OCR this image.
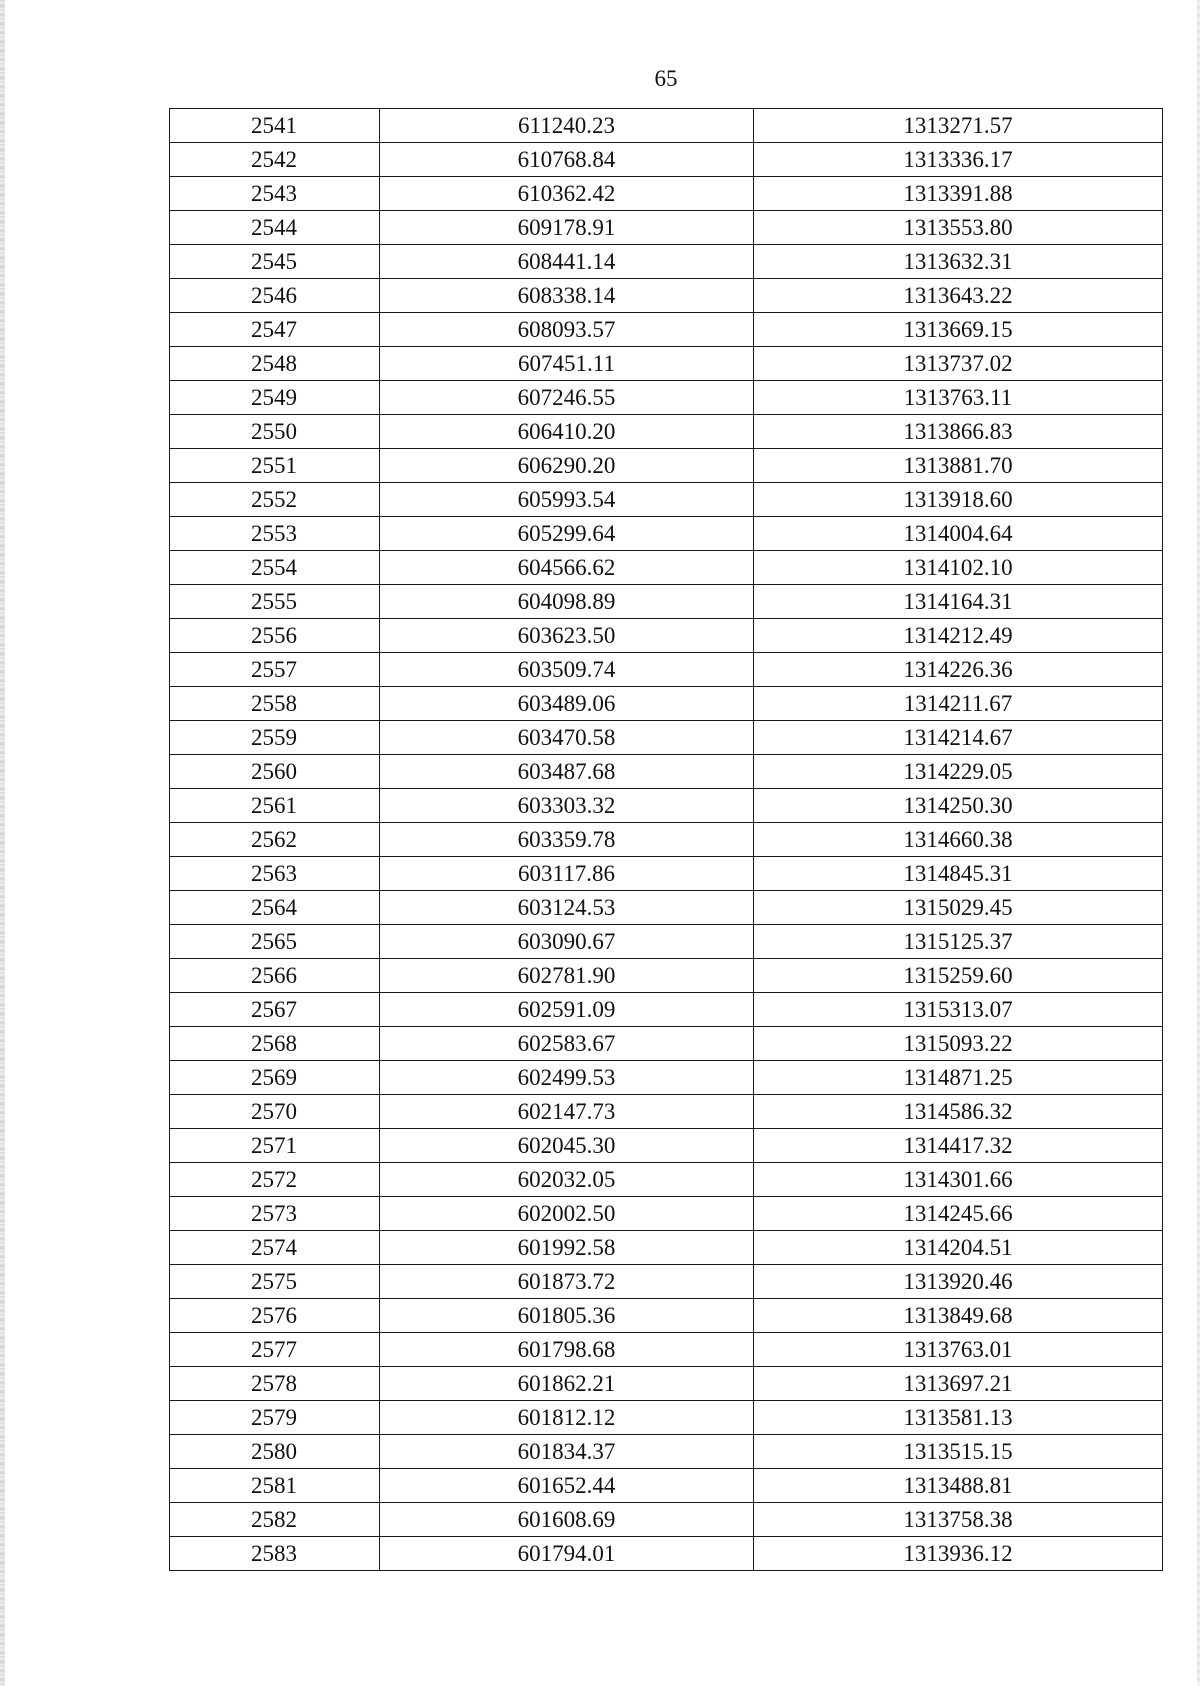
65
2541	611240.23	1313271.57
2542	610768.84	1313336.17
2543	610362.42	1313391.88
2544	609178.91	1313553.80
2545	608441.14	1313632.31
2546	608338.14	1313643.22
2547	608093.57	1313669.15
2548	607451.11	1313737.02
2549	607246.55	1313763.11
2550	606410.20	1313866.83
2551	606290.20	1313881.70
2552	605993.54	1313918.60
2553	605299.64	1314004.64
2554	604566.62	1314102.10
2555	604098.89	1314164.31
2556	603623.50	1314212.49
2557	603509.74	1314226.36
2558	603489.06	1314211.67
2559	603470.58	1314214.67
2560	603487.68	1314229.05
2561	603303.32	1314250.30
2562	603359.78	1314660.38
2563	603117.86	1314845.31
2564	603124.53	1315029.45
2565	603090.67	1315125.37
2566	602781.90	1315259.60
2567	602591.09	1315313.07
2568	602583.67	1315093.22
2569	602499.53	1314871.25
2570	602147.73	1314586.32
2571	602045.30	1314417.32
2572	602032.05	1314301.66
2573	602002.50	1314245.66
2574	601992.58	1314204.51
2575	601873.72	1313920.46
2576	601805.36	1313849.68
2577	601798.68	1313763.01
2578	601862.21	1313697.21
2579	601812.12	1313581.13
2580	601834.37	1313515.15
2581	601652.44	1313488.81
2582	601608.69	1313758.38
2583	601794.01	1313936.12
